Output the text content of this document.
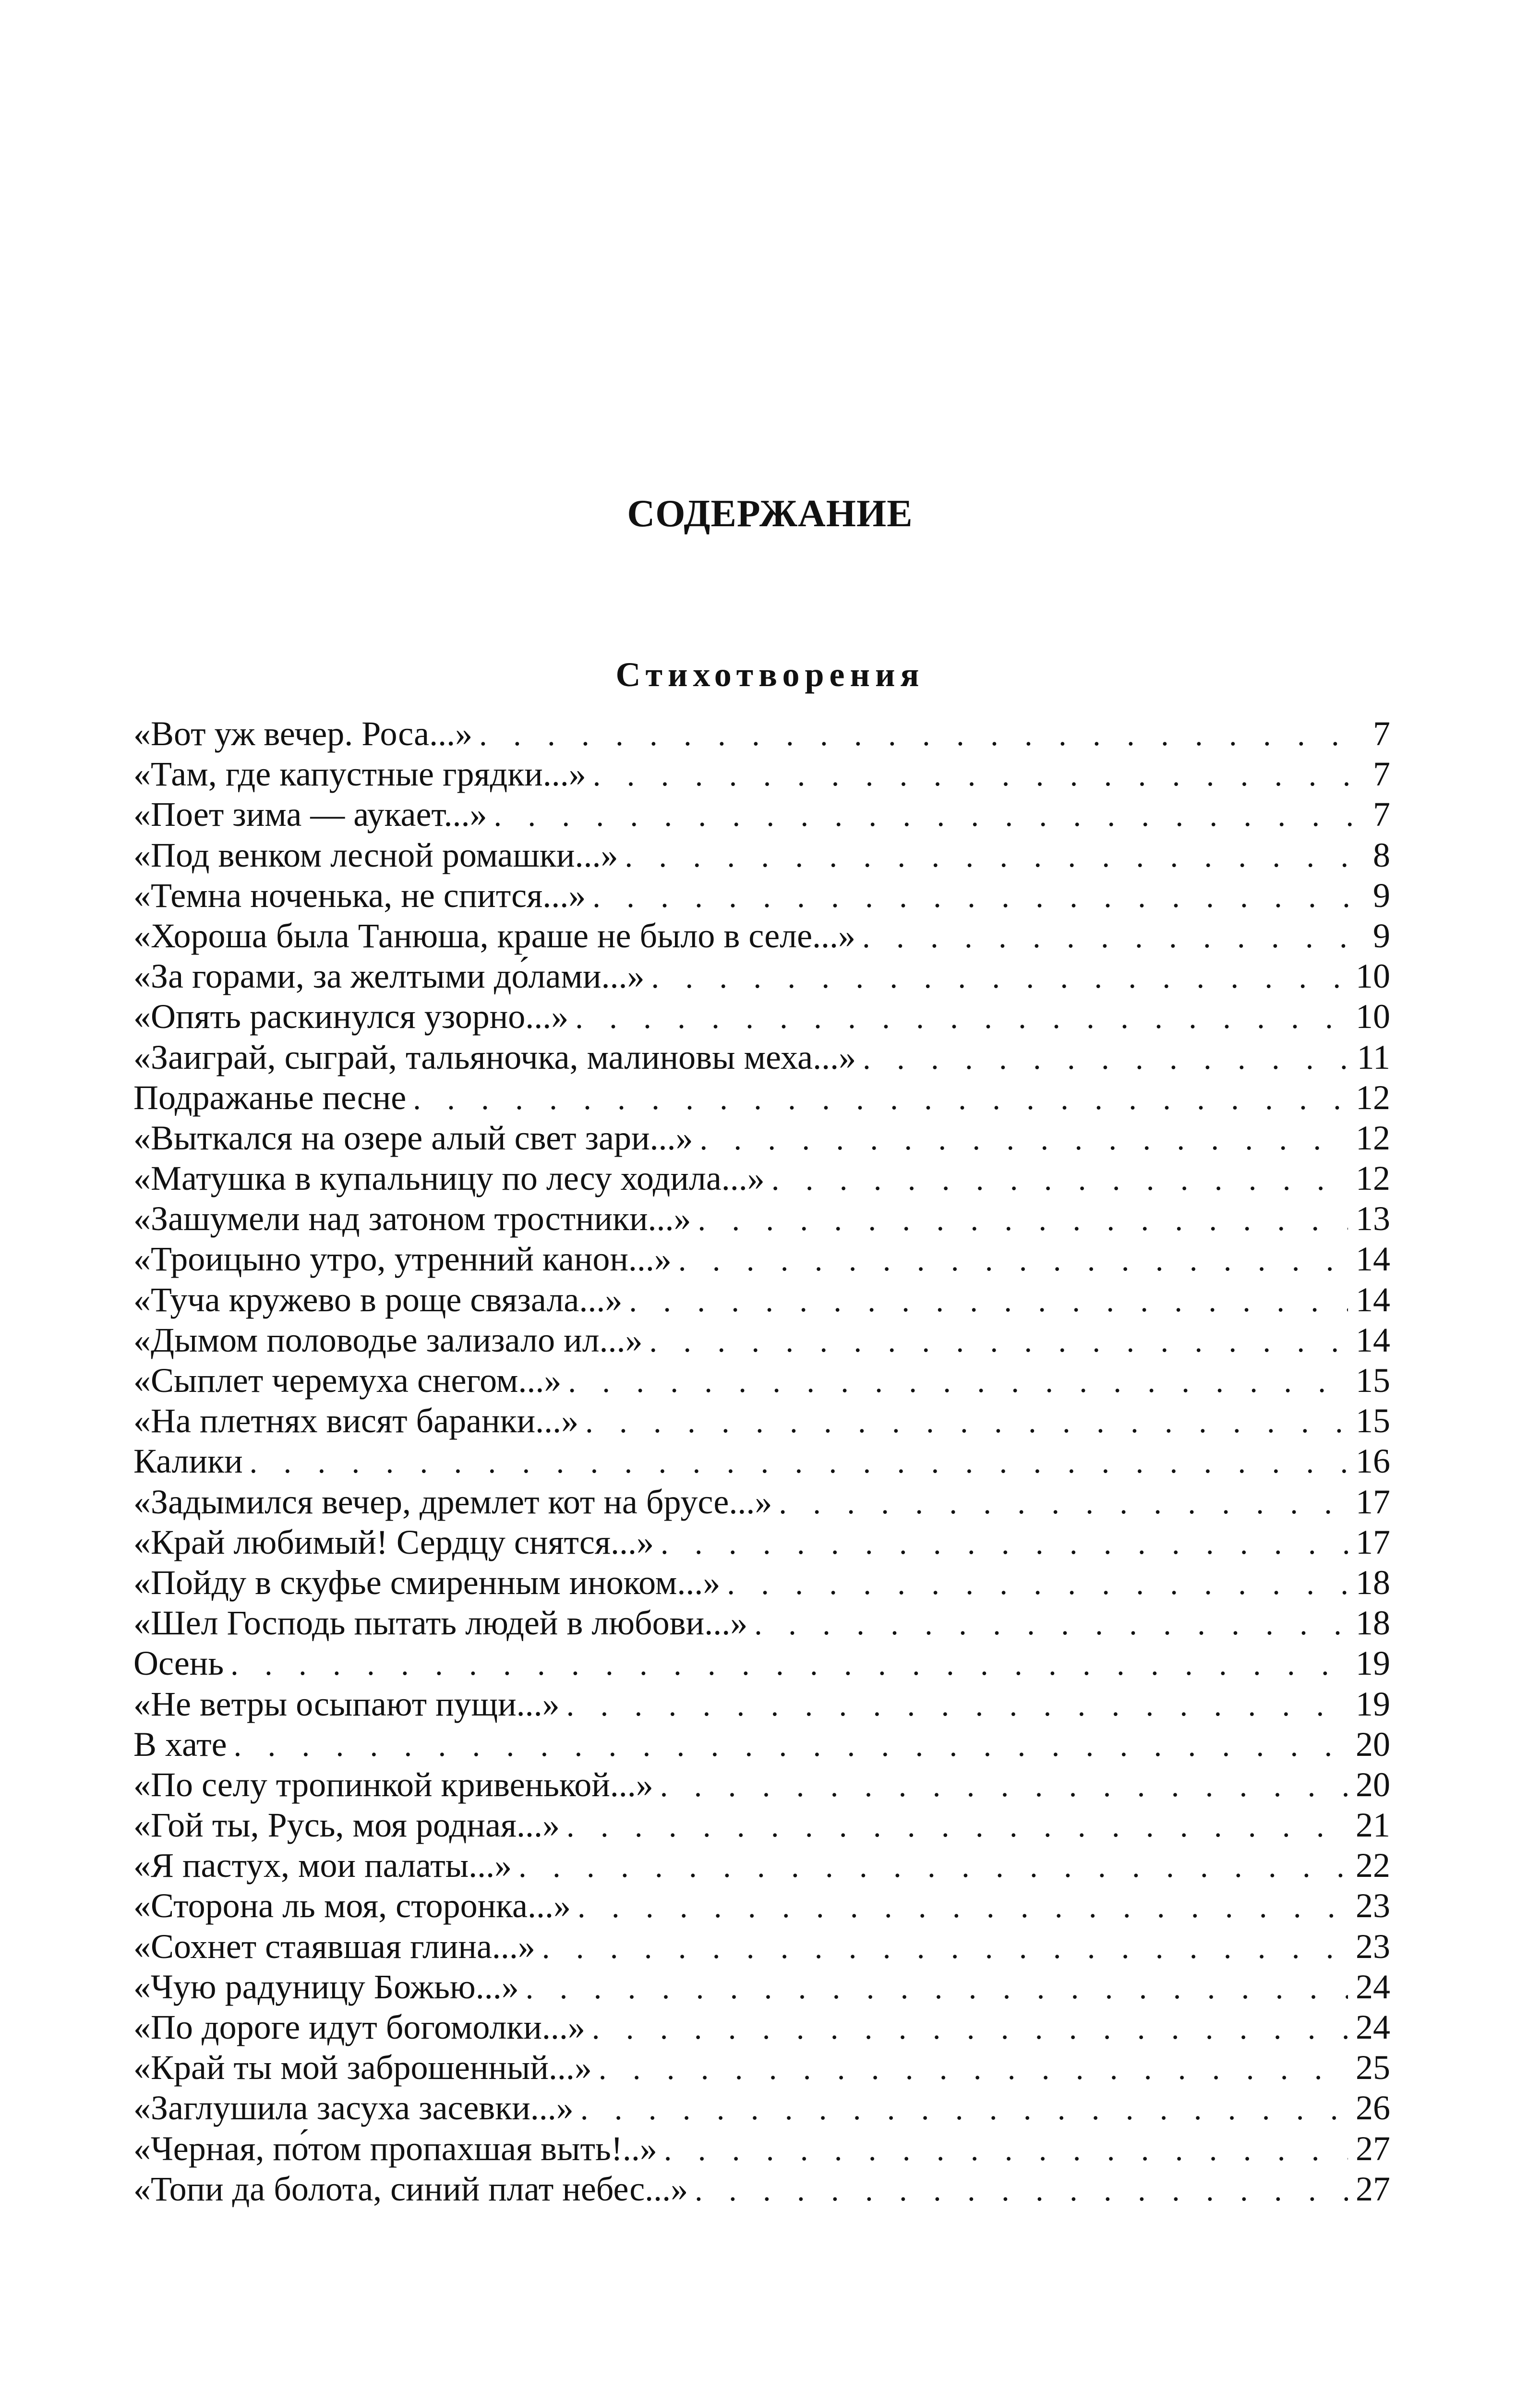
СОДЕРЖАНИЕ
Стихотворения
«Вот уж вечер. Роса...» . . .	7
«Там, где капустные грядки...» . . .	7
«Поет зима — аукает...» . . .	7
«Под венком лесной ромашки...» . . .	8
«Темна ноченька, не спится...» . . .	9
«Хороша была Танюша, краше не было в селе...» . . .	9
«За горами, за желтыми до́лами...» . . .	10
«Опять раскинулся узорно...» . . .	10
«Заиграй, сыграй, тальяночка, малиновы меха...» . . .	11
Подражанье песне . . .	12
«Выткался на озере алый свет зари...» . . .	12
«Матушка в купальницу по лесу ходила...» . . .	12
«Зашумели над затоном тростники...» . . .	13
«Троицыно утро, утренний канон...» . . .	14
«Туча кружево в роще связала...» . . .	14
«Дымом половодье зализало ил...» . . .	14
«Сыплет черемуха снегом...» . . .	15
«На плетнях висят баранки...» . . .	15
Калики . . .	16
«Задымился вечер, дремлет кот на брусе...» . . .	17
«Край любимый! Сердцу снятся...» . . .	17
«Пойду в скуфье смиренным иноком...» . . .	18
«Шел Господь пытать людей в любови...» . . .	18
Осень . . .	19
«Не ветры осыпают пущи...» . . .	19
В хате . . .	20
«По селу тропинкой кривенькой...» . . .	20
«Гой ты, Русь, моя родная...» . . .	21
«Я пастух, мои палаты...» . . .	22
«Сторона ль моя, сторонка...» . . .	23
«Сохнет стаявшая глина...» . . .	23
«Чую радуницу Божью...» . . .	24
«По дороге идут богомолки...» . . .	24
«Край ты мой заброшенный...» . . .	25
«Заглушила засуха засевки...» . . .	26
«Черная, по́том пропахшая выть!..» . . .	27
«Топи да болота, синий плат небес...» . . .	27
